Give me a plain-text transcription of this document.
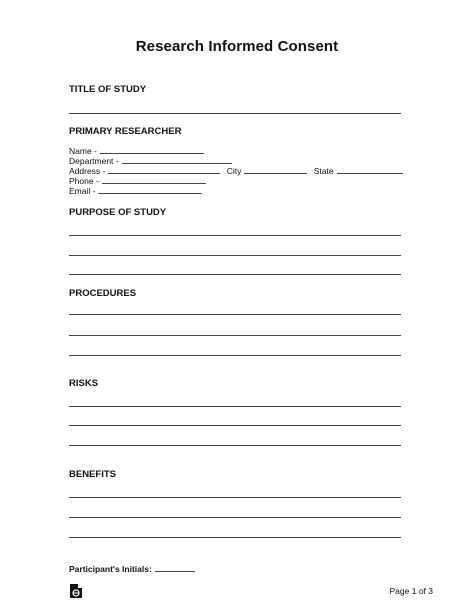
Research Informed Consent
TITLE OF STUDY
PRIMARY RESEARCHER
Name -
Department -
Address -	City	State
Phone -
Email -
PURPOSE OF STUDY
PROCEDURES
RISKS
BENEFITS
Participant's Initials:
Page 1 of 3
